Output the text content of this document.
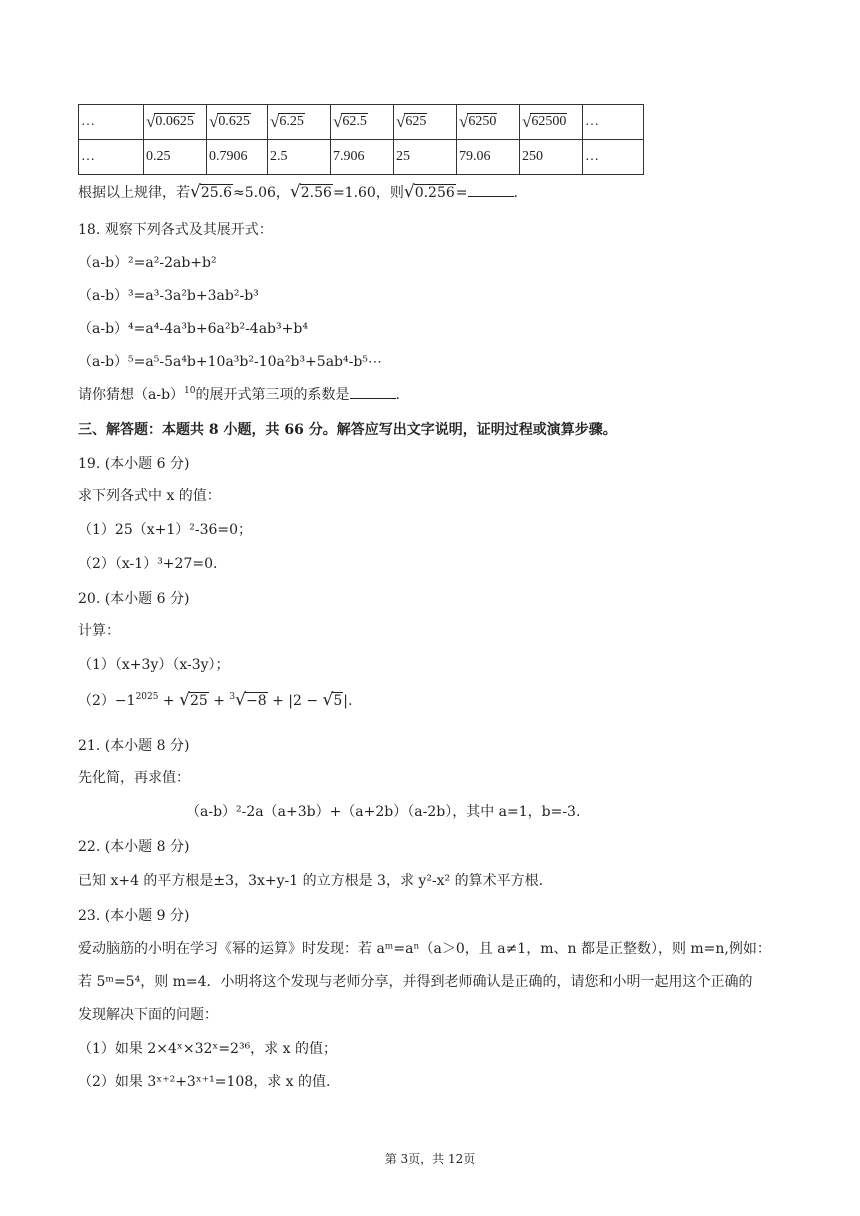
…	√ 0.0625	√ 0.625	√ 6.25	√ 62.5	√ 625	√ 6250	√ 62500	…
…	0.25	0.7906	2.5	7.906	25	79.06	250	…
根据以上规律，若 √ 25.6 ≈5.06， √ 2.56 =1.60，则 √ 0.256 =	.
18. 观察下列各式及其展开式：
（a-b）²=a²-2ab+b²
（a-b）³=a³-3a²b+3ab²-b³
（a-b）⁴=a⁴-4a³b+6a²b²-4ab³+b⁴
（a-b）⁵=a⁵-5a⁴b+10a³b²-10a²b³+5ab⁴-b⁵⋯
请你猜想$(a-b)^{10}$的展开式第三项的系数是	.
三、解答题：本题共 8 小题，共 66 分。解答应写出文字说明，证明过程或演算步骤。
19. (本小题 6 分)
求下列各式中 x 的值：
（1）25（x+1）²-36=0；
（2）（x-1）³+27=0.
20. (本小题 6 分)
计算：
（1）（x+3y）（x-3y）；
$(2)-1^{2025}$ + √ 25 + $^3$ √ −8 + |2 − √ 5 |.
21. (本小题 8 分)
先化简，再求值：
（a-b）²-2a（a+3b）+（a+2b）（a-2b），其中 a=1，b=-3.
22. (本小题 8 分)
已知 x+4 的平方根是±3，3x+y-1 的立方根是 3，求 y²-x² 的算术平方根.
23. (本小题 9 分)
爱动脑筋的小明在学习《幂的运算》时发现：若 aᵐ=aⁿ（a＞0，且 a≠1，m、n 都是正整数），则 m=n,例如：
若 5ᵐ=5⁴，则 m=4．小明将这个发现与老师分享，并得到老师确认是正确的，请您和小明一起用这个正确的
发现解决下面的问题：
（1）如果 2×4ˣ×32ˣ=2³⁶，求 x 的值；
（2）如果 3ˣ⁺²+3ˣ⁺¹=108，求 x 的值.
第 3页，共 12页
